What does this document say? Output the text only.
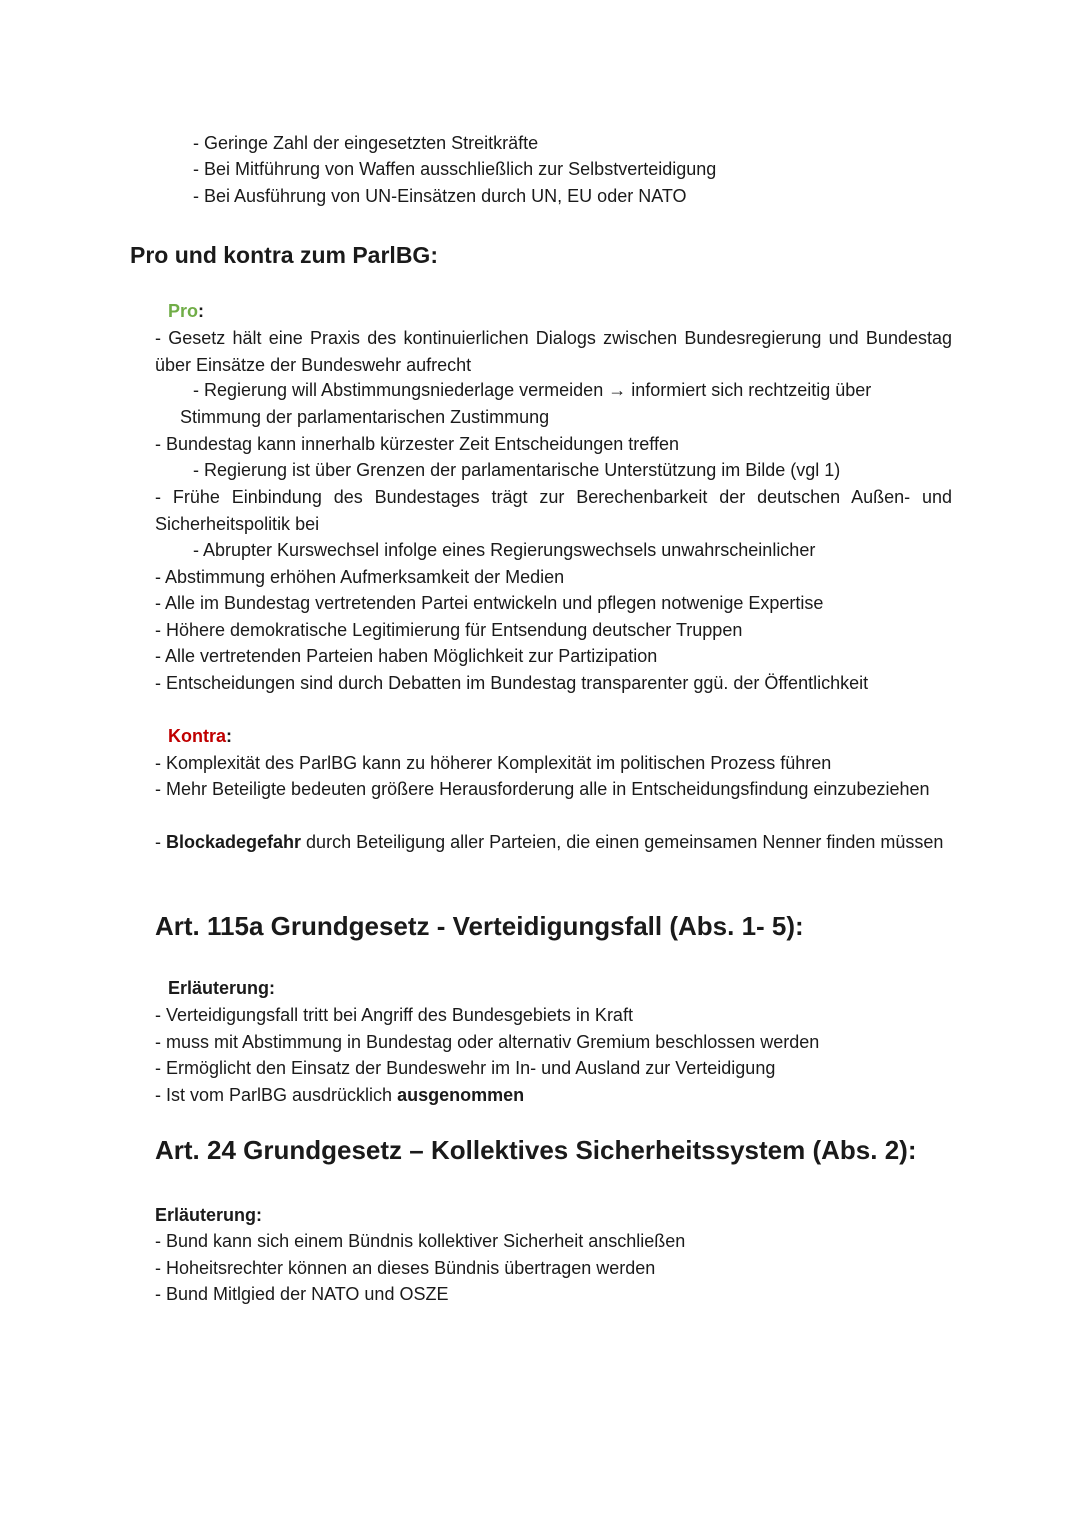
- Geringe Zahl der eingesetzten Streitkräfte
- Bei Mitführung von Waffen ausschließlich zur Selbstverteidigung
- Bei Ausführung von UN-Einsätzen durch UN, EU oder NATO
Pro und kontra zum ParlBG:
Pro:
- Gesetz hält eine Praxis des kontinuierlichen Dialogs zwischen Bundesregierung und Bundestag über Einsätze der Bundeswehr aufrecht
- Regierung will Abstimmungsniederlage vermeiden → informiert sich rechtzeitig über
Stimmung der parlamentarischen Zustimmung
- Bundestag kann innerhalb kürzester Zeit Entscheidungen treffen
- Regierung ist über Grenzen der parlamentarische Unterstützung im Bilde (vgl 1)
- Frühe Einbindung des Bundestages trägt zur Berechenbarkeit der deutschen Außen- und Sicherheitspolitik bei
- Abrupter Kurswechsel infolge eines Regierungswechsels unwahrscheinlicher
- Abstimmung erhöhen Aufmerksamkeit der Medien
- Alle im Bundestag vertretenden Partei entwickeln und pflegen notwenige Expertise
- Höhere demokratische Legitimierung für Entsendung deutscher Truppen
- Alle vertretenden Parteien haben Möglichkeit zur Partizipation
- Entscheidungen sind durch Debatten im Bundestag transparenter ggü. der Öffentlichkeit
Kontra:
- Komplexität des ParlBG kann zu höherer Komplexität im politischen Prozess führen
- Mehr Beteiligte bedeuten größere Herausforderung alle in Entscheidungsfindung einzubeziehen
- Blockadegefahr durch Beteiligung aller Parteien, die einen gemeinsamen Nenner finden müssen
Art. 115a Grundgesetz - Verteidigungsfall (Abs. 1- 5):
Erläuterung:
- Verteidigungsfall tritt bei Angriff des Bundesgebiets in Kraft
- muss mit Abstimmung in Bundestag oder alternativ Gremium beschlossen werden
- Ermöglicht den Einsatz der Bundeswehr im In- und Ausland zur Verteidigung
- Ist vom ParlBG ausdrücklich ausgenommen
Art. 24 Grundgesetz – Kollektives Sicherheitssystem (Abs. 2):
Erläuterung:
- Bund kann sich einem Bündnis kollektiver Sicherheit anschließen
- Hoheitsrechter können an dieses Bündnis übertragen werden
- Bund Mitlgied der NATO und OSZE
